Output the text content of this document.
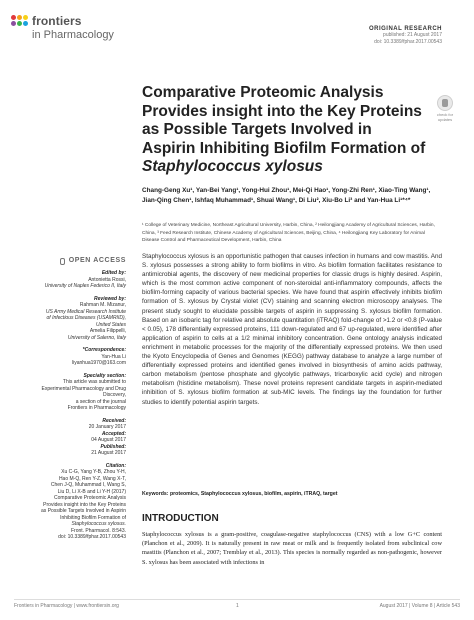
frontiers
in Pharmacology	ORIGINAL RESEARCH
published: 21 August 2017
doi: 10.3389/fphar.2017.00543
check for updates
Comparative Proteomic Analysis Provides insight into the Key Proteins as Possible Targets Involved in Aspirin Inhibiting Biofilm Formation of Staphylococcus xylosus
Chang-Geng Xu¹, Yan-Bei Yang¹, Yong-Hui Zhou¹, Mei-Qi Hao¹, Yong-Zhi Ren¹, Xiao-Ting Wang¹, Jian-Qing Chen¹, Ishfaq Muhammad¹, Shuai Wang¹, Di Liu², Xiu-Bo Li³ and Yan-Hua Li¹*⁴*
¹ College of Veterinary Medicine, Northeast Agricultural University, Harbin, China, ² Heilongjiang Academy of Agricultural Sciences, Harbin, China, ³ Feed Research Institute, Chinese Academy of Agricultural Sciences, Beijing, China, ⁴ Heilongjiang Key Laboratory for Animal Disease Control and Pharmaceutical Development, Harbin, China
OPEN ACCESS
Edited by:
Antonietta Rossi,
University of Naples Federico II, Italy
Reviewed by:
Rahman M. Mizanur,
US Army Medical Research Institute
of Infectious Diseases (USAMRIID),
United States
Amelia Filippelli,
University of Salerno, Italy
*Correspondence:
Yan-Hua Li
liyanhua1970@163.com
Specialty section:
This article was submitted to
Experimental Pharmacology and Drug
Discovery,
a section of the journal
Frontiers in Pharmacology
Received:
20 January 2017
Accepted:
04 August 2017
Published:
21 August 2017
Citation:
Xu C-G, Yang Y-B, Zhou Y-H,
Hao M-Q, Ren Y-Z, Wang X-T,
Chen J-Q, Muhammad I, Wang S,
Liu D, Li X-B and Li Y-H (2017)
Comparative Proteomic Analysis
Provides insight into the Key Proteins
as Possible Targets Involved in Aspirin
Inhibiting Biofilm Formation of
Staphylococcus xylosus.
Front. Pharmacol. 8:543.
doi: 10.3389/fphar.2017.00543

Staphylococcus xylosus is an opportunistic pathogen that causes infection in humans and cow mastitis. And S. xylosus possesses a strong ability to form biofilms in vitro. As biofilm formation facilitates resistance to antimicrobial agents, the discovery of new medicinal properties for classic drugs is highly desired. Aspirin, which is the most common active component of non-steroidal anti-inflammatory compounds, affects the biofilm-forming capacity of various bacterial species. We have found that aspirin effectively inhibits biofilm formation of S. xylosus by Crystal violet (CV) staining and scanning electron microscopy analyses. The present study sought to elucidate possible targets of aspirin in suppressing S. xylosus biofilm formation. Based on an isobaric tag for relative and absolute quantitation (iTRAQ) fold-change of >1.2 or <0.8 (P-value < 0.05), 178 differentially expressed proteins, 111 down-regulated and 67 up-regulated, were identified after application of aspirin to cells at a 1/2 minimal inhibitory concentration. Gene ontology analysis indicated enrichment in metabolic processes for the majority of the differentially expressed proteins. We then used the Kyoto Encyclopedia of Genes and Genomes (KEGG) pathway database to analyze a large number of differentially expressed proteins and identified genes involved in biosynthesis of amino acids pathway, carbon metabolism (pentose phosphate and glycolytic pathways, tricarboxylic acid cycle) and nitrogen metabolism (histidine metabolism). These novel proteins represent candidate targets in aspirin-mediated inhibition of S. xylosus biofilm formation at sub-MIC levels. The findings lay the foundation for further studies to identify potential aspirin targets.

Keywords: proteomics, Staphylococcus xylosus, biofilm, aspirin, iTRAQ, target
INTRODUCTION
Staphylococcus xylosus is a gram-positive, coagulase-negative staphylococcus (CNS) with a low G+C content (Planchon et al., 2009). It is naturally present in raw meat or milk and is frequently isolated from subclinical cow mastitis (Planchon et al., 2007; Tremblay et al., 2013). This species is normally regarded as non-pathogenic, however S. xylosus has been associated with infections in
Frontiers in Pharmacology | www.frontiersin.org	1	August 2017 | Volume 8 | Article 543
